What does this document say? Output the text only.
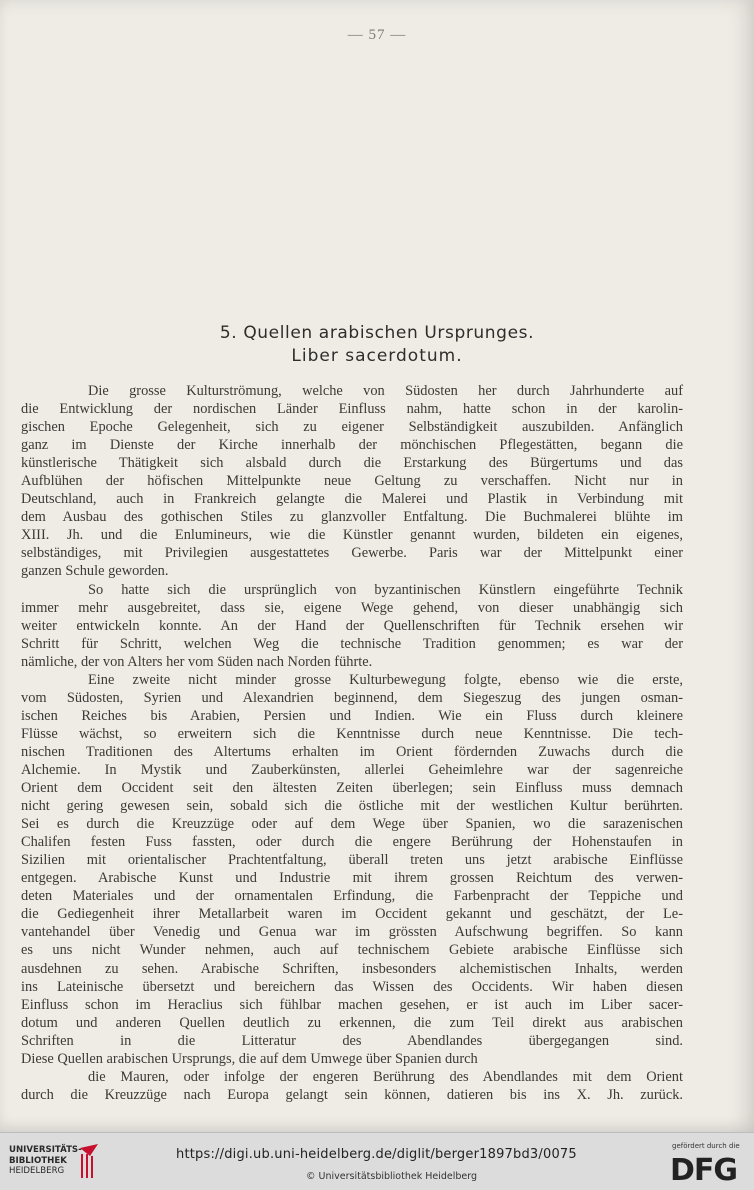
— 57 —
5. Quellen arabischen Ursprunges.
Liber sacerdotum.
Die grosse Kulturströmung, welche von Südosten her durch Jahrhunderte auf
die Entwicklung der nordischen Länder Einfluss nahm, hatte schon in der karolin-
gischen Epoche Gelegenheit, sich zu eigener Selbständigkeit auszubilden. Anfänglich
ganz im Dienste der Kirche innerhalb der mönchischen Pflegestätten, begann die
künstlerische Thätigkeit sich alsbald durch die Erstarkung des Bürgertums und das
Aufblühen der höfischen Mittelpunkte neue Geltung zu verschaffen. Nicht nur in
Deutschland, auch in Frankreich gelangte die Malerei und Plastik in Verbindung mit
dem Ausbau des gothischen Stiles zu glanzvoller Entfaltung. Die Buchmalerei blühte im
XIII. Jh. und die Enlumineurs, wie die Künstler genannt wurden, bildeten ein eigenes,
selbständiges, mit Privilegien ausgestattetes Gewerbe. Paris war der Mittelpunkt einer
ganzen Schule geworden.
So hatte sich die ursprünglich von byzantinischen Künstlern eingeführte Technik
immer mehr ausgebreitet, dass sie, eigene Wege gehend, von dieser unabhängig sich
weiter entwickeln konnte. An der Hand der Quellenschriften für Technik ersehen wir
Schritt für Schritt, welchen Weg die technische Tradition genommen; es war der
nämliche, der von Alters her vom Süden nach Norden führte.
Eine zweite nicht minder grosse Kulturbewegung folgte, ebenso wie die erste,
vom Südosten, Syrien und Alexandrien beginnend, dem Siegeszug des jungen osman-
ischen Reiches bis Arabien, Persien und Indien. Wie ein Fluss durch kleinere
Flüsse wächst, so erweitern sich die Kenntnisse durch neue Kenntnisse. Die tech-
nischen Traditionen des Altertums erhalten im Orient fördernden Zuwachs durch die
Alchemie. In Mystik und Zauberkünsten, allerlei Geheimlehre war der sagenreiche
Orient dem Occident seit den ältesten Zeiten überlegen; sein Einfluss muss demnach
nicht gering gewesen sein, sobald sich die östliche mit der westlichen Kultur berührten.
Sei es durch die Kreuzzüge oder auf dem Wege über Spanien, wo die sarazenischen
Chalifen festen Fuss fassten, oder durch die engere Berührung der Hohenstaufen in
Sizilien mit orientalischer Prachtentfaltung, überall treten uns jetzt arabische Einflüsse
entgegen. Arabische Kunst und Industrie mit ihrem grossen Reichtum des verwen-
deten Materiales und der ornamentalen Erfindung, die Farbenpracht der Teppiche und
die Gediegenheit ihrer Metallarbeit waren im Occident gekannt und geschätzt, der Le-
vantehandel über Venedig und Genua war im grössten Aufschwung begriffen. So kann
es uns nicht Wunder nehmen, auch auf technischem Gebiete arabische Einflüsse sich
ausdehnen zu sehen. Arabische Schriften, insbesonders alchemistischen Inhalts, werden
ins Lateinische übersetzt und bereichern das Wissen des Occidents. Wir haben diesen
Einfluss schon im Heraclius sich fühlbar machen gesehen, er ist auch im Liber sacer-
dotum und anderen Quellen deutlich zu erkennen, die zum Teil direkt aus arabischen
Schriften in die Litteratur des Abendlandes übergegangen sind.
Diese Quellen arabischen Ursprungs, die auf dem Umwege über Spanien durch
die Mauren, oder infolge der engeren Berührung des Abendlandes mit dem Orient
durch die Kreuzzüge nach Europa gelangt sein können, datieren bis ins X. Jh. zurück.
UNIVERSITÄTS-
BIBLIOTHEK
HEIDELBERG
https://digi.ub.uni-heidelberg.de/diglit/berger1897bd3/0075
© Universitätsbibliothek Heidelberg
gefördert durch die
DFG
